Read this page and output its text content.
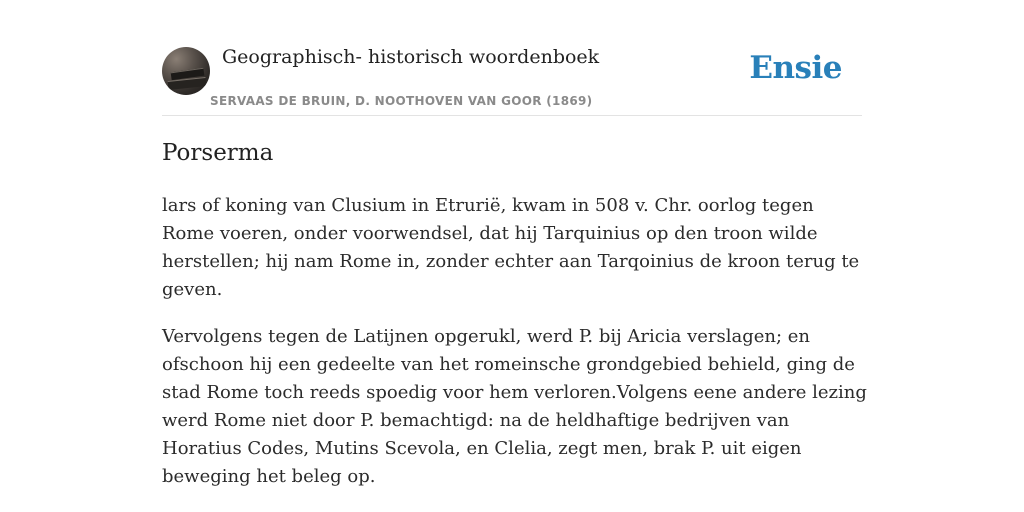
Geographisch- historisch woordenboek
SERVAAS DE BRUIN, D. NOOTHOVEN VAN GOOR (1869)
Ensie
Porserma

lars of koning van Clusium in Etrurië, kwam in 508 v. Chr. oorlog tegen Rome voeren, onder voorwendsel, dat hij Tarquinius op den troon wilde herstellen; hij nam Rome in, zonder echter aan Tarqoinius de kroon terug te geven.

Vervolgens tegen de Latijnen opgerukl, werd P. bij Aricia verslagen; en ofschoon hij een gedeelte van het romeinsche grondgebied behield, ging de stad Rome toch reeds spoedig voor hem verloren.Volgens eene andere lezing werd Rome niet door P. bemachtigd: na de heldhaftige bedrijven van Horatius Codes, Mutins Scevola, en Clelia, zegt men, brak P. uit eigen beweging het beleg op.
